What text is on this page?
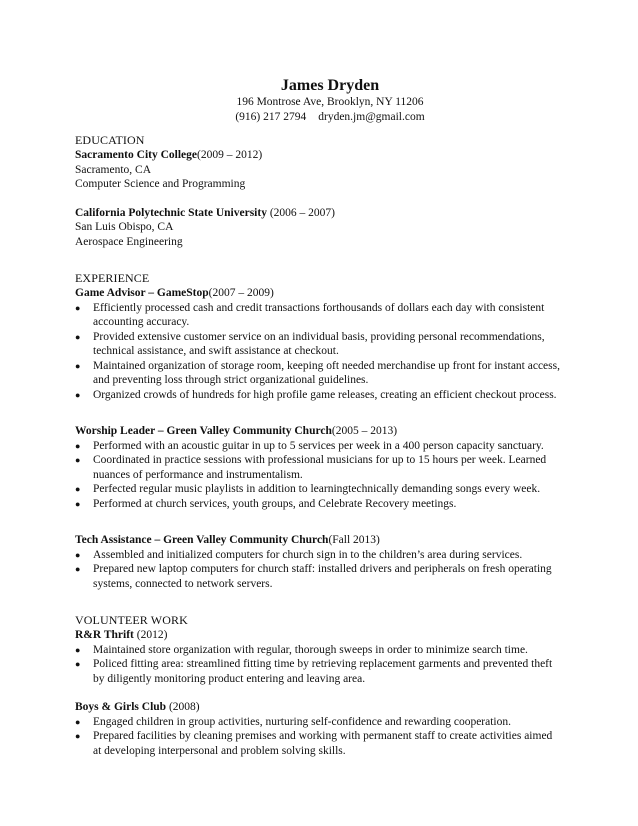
James Dryden
196 Montrose Ave, Brooklyn, NY 11206
(916) 217 2794 dryden.jm@gmail.com
EDUCATION
Sacramento City College(2009 – 2012)
Sacramento, CA
Computer Science and Programming
California Polytechnic State University (2006 – 2007)
San Luis Obispo, CA
Aerospace Engineering
EXPERIENCE
Game Advisor – GameStop(2007 – 2009)
● Efficiently processed cash and credit transactions forthousands of dollars each day with consistent
accounting accuracy.
● Provided extensive customer service on an individual basis, providing personal recommendations,
technical assistance, and swift assistance at checkout.
● Maintained organization of storage room, keeping oft needed merchandise up front for instant access,
and preventing loss through strict organizational guidelines.
● Organized crowds of hundreds for high profile game releases, creating an efficient checkout process.
Worship Leader – Green Valley Community Church(2005 – 2013)
● Performed with an acoustic guitar in up to 5 services per week in a 400 person capacity sanctuary.
● Coordinated in practice sessions with professional musicians for up to 15 hours per week. Learned
nuances of performance and instrumentalism.
● Perfected regular music playlists in addition to learningtechnically demanding songs every week.
● Performed at church services, youth groups, and Celebrate Recovery meetings.
Tech Assistance – Green Valley Community Church(Fall 2013)
● Assembled and initialized computers for church sign in to the children’s area during services.
● Prepared new laptop computers for church staff: installed drivers and peripherals on fresh operating
systems, connected to network servers.
VOLUNTEER WORK
R&R Thrift (2012)
● Maintained store organization with regular, thorough sweeps in order to minimize search time.
● Policed fitting area: streamlined fitting time by retrieving replacement garments and prevented theft
by diligently monitoring product entering and leaving area.
Boys & Girls Club (2008)
● Engaged children in group activities, nurturing self-confidence and rewarding cooperation.
● Prepared facilities by cleaning premises and working with permanent staff to create activities aimed
at developing interpersonal and problem solving skills.
